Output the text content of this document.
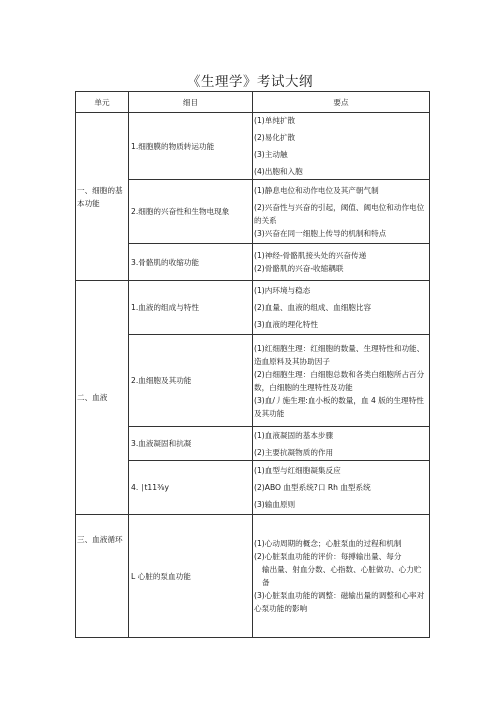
《生理学》考试大纲
单元	细目	要点
一、细胞的基本功能	1.细胞膜的物质转运功能	(1)单纯扩散
(2)易化扩散
(3)主动触
(4)出胞和入胞

	2.细胞的兴奋性和生物电现象	(1)静息电位和动作电位及其产朝气制
(2)兴奋性与兴奋的引起，阈值、阈电位和动作电位的关系
(3)兴奋在同一细胞上传导的机制和特点

	3.骨骼肌的收缩功能	(1)神经-骨骼肌接头处的兴奋传递
(2)骨骼肌的兴奋-收缩耦联

二、血液	1.血液的组成与特性	(1)内环境与稳态
(2)血量、血液的组成、血细胞比容
(3)血液的理化特性

	2.血细胞及其功能	(1)红细胞生理：红细胞的数量、生理特性和功能、造血原料及其协助因子
(2)白细胞生理：白细胞总数和各类白细胞所占百分数，白细胞的生理特性及功能
(3)血/丿施生理:血小板的数量，血 4 版的生理特性及其功能

	3.血液凝固和抗凝	(1)血液凝固的基本步骤
(2)主要抗凝物质的作用

	4. ∣t11⅜y	(1)血型与红细胞凝集反应
(2)ABO 血型系统?口 Rh 血型系统
(3)输血原则

三、血液循环	L 心脏的泵血功能	(1)心动周期的概念；心脏泵血的过程和机制
(2)心脏泵血功能的评价：每搏输出量、每分
输出量、射血分数、心指数、心脏做功、心力贮备
(3)心脏泵血功能的调整：磁输出量的调整和心率对心泵功能的影响
